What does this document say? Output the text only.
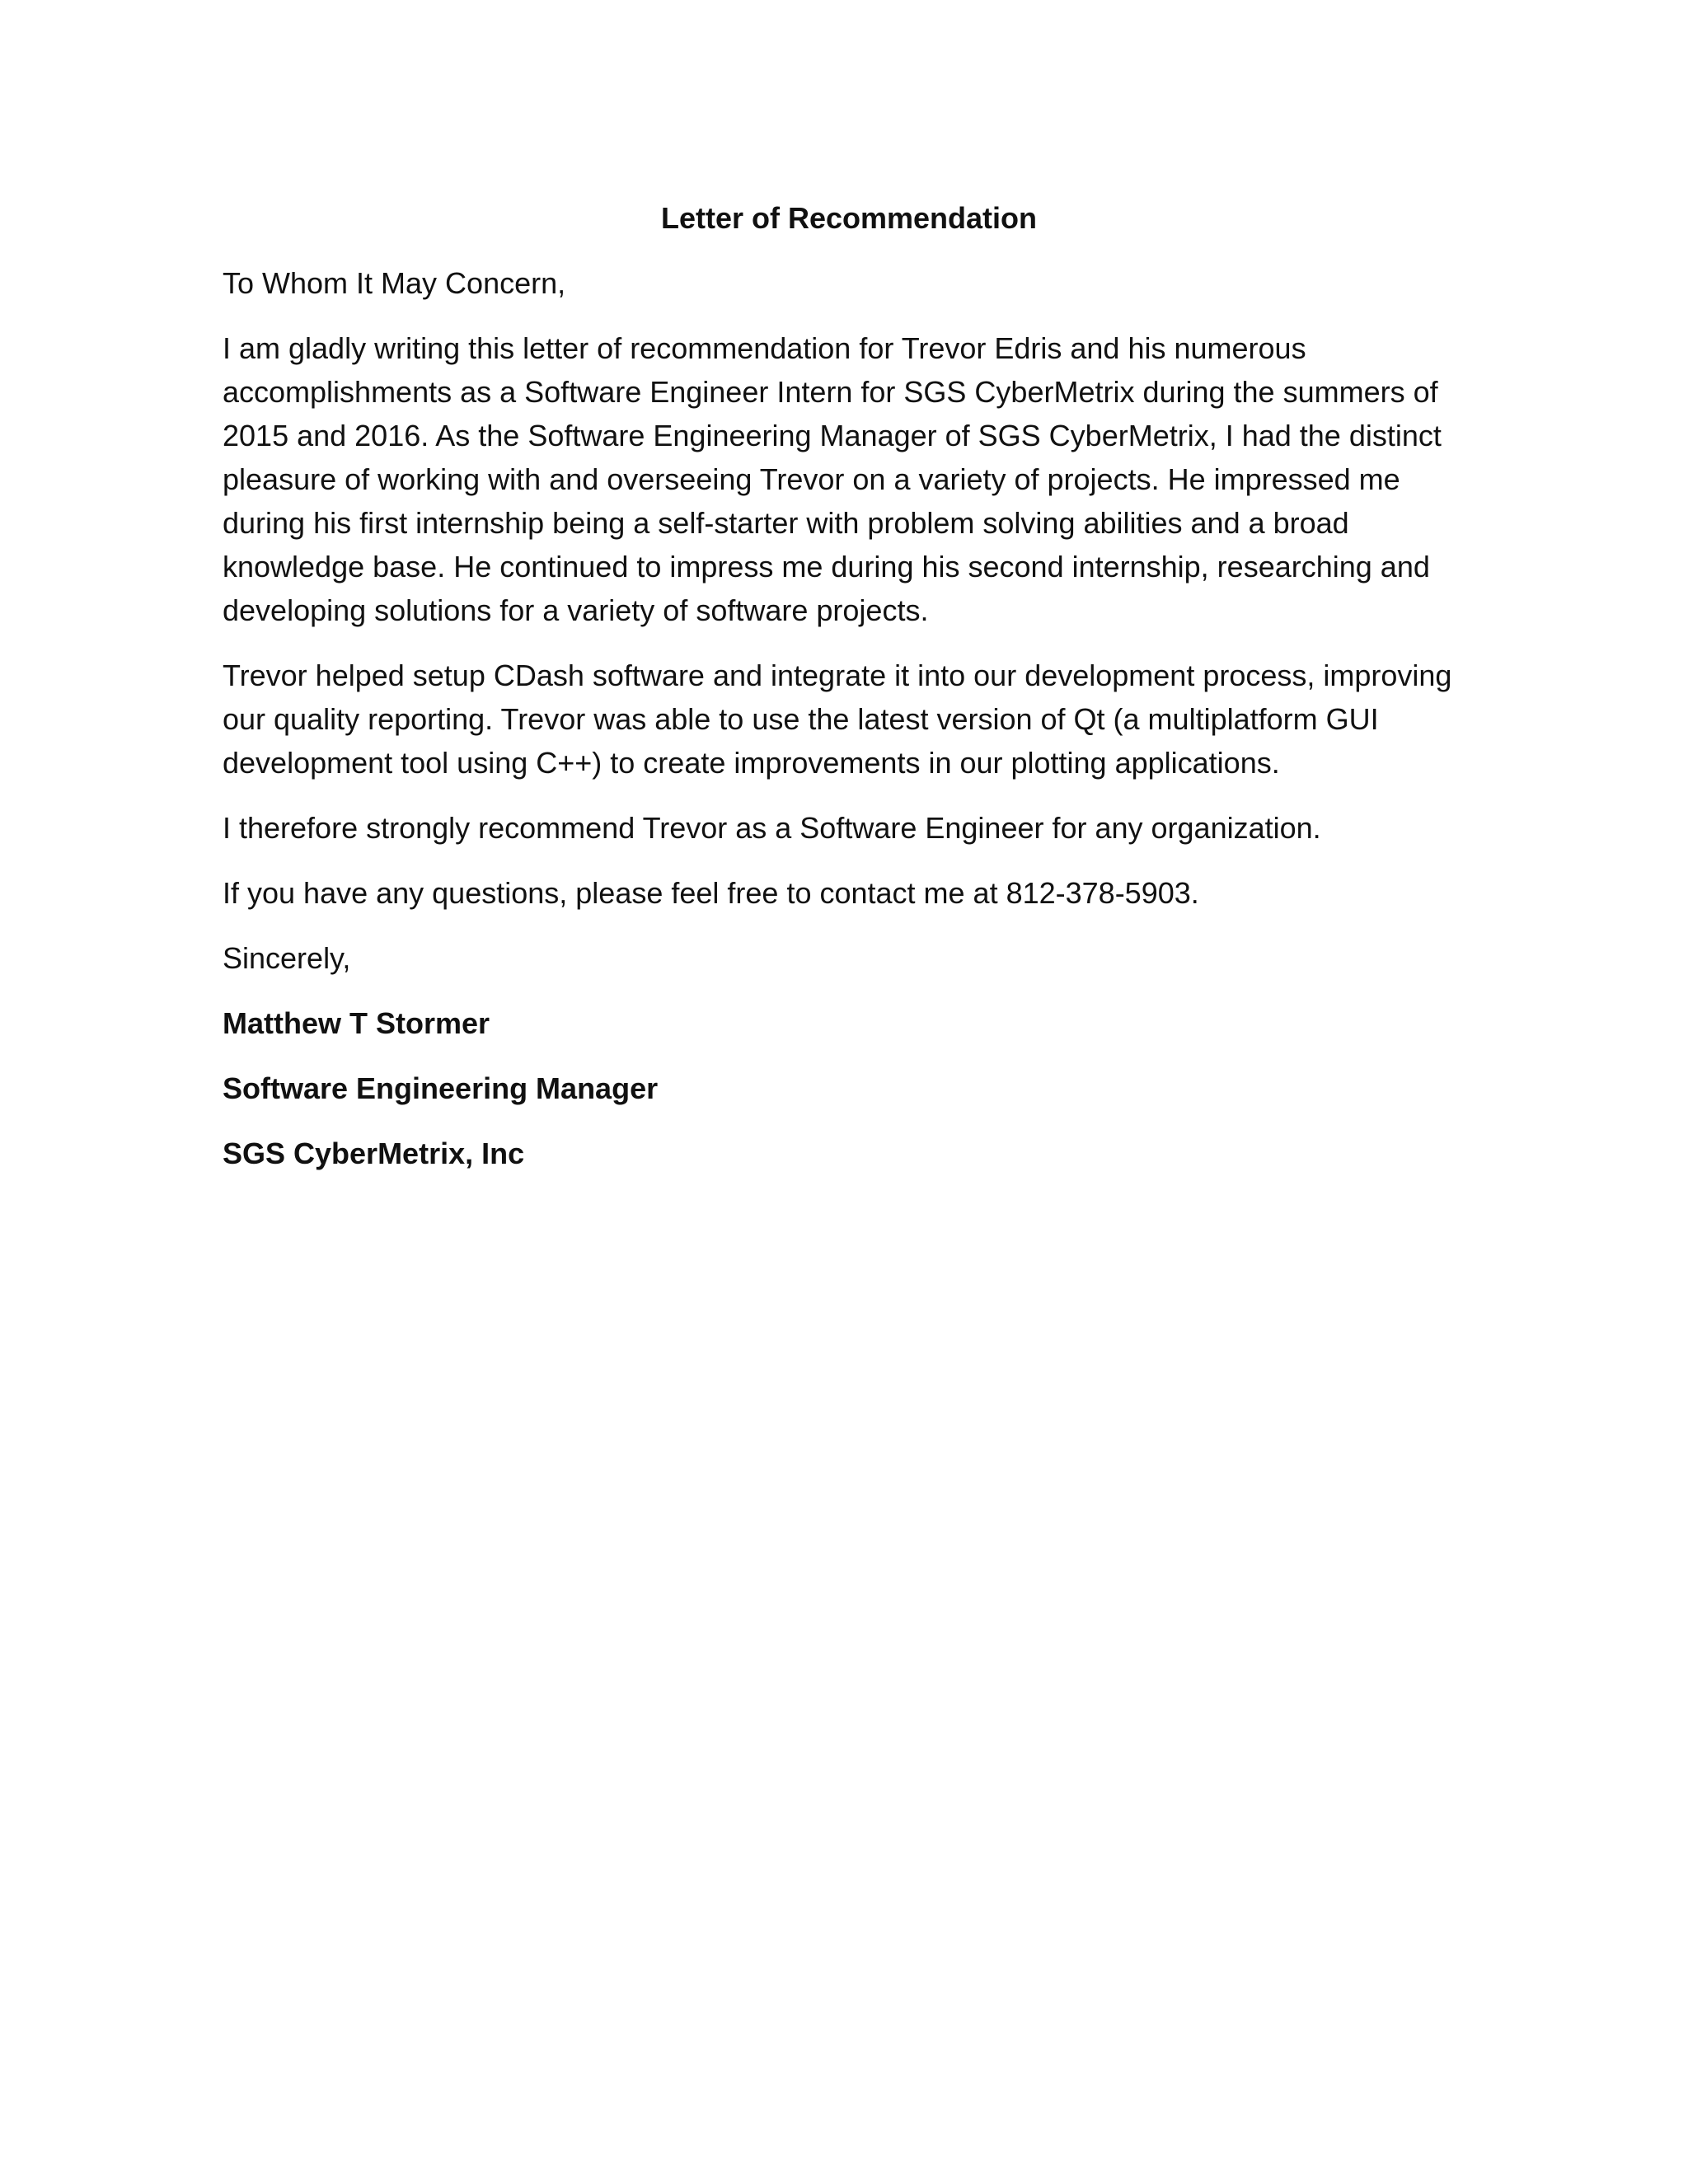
Letter of Recommendation
To Whom It May Concern,
I am gladly writing this letter of recommendation for Trevor Edris and his numerous accomplishments as a Software Engineer Intern for SGS CyberMetrix during the summers of 2015 and 2016. As the Software Engineering Manager of SGS CyberMetrix, I had the distinct pleasure of working with and overseeing Trevor on a variety of projects. He impressed me during his first internship being a self-starter with problem solving abilities and a broad knowledge base. He continued to impress me during his second internship, researching and developing solutions for a variety of software projects.
Trevor helped setup CDash software and integrate it into our development process, improving our quality reporting. Trevor was able to use the latest version of Qt (a multiplatform GUI development tool using C++) to create improvements in our plotting applications.
I therefore strongly recommend Trevor as a Software Engineer for any organization.
If you have any questions, please feel free to contact me at 812-378-5903.
Sincerely,
Matthew T Stormer
Software Engineering Manager
SGS CyberMetrix, Inc
